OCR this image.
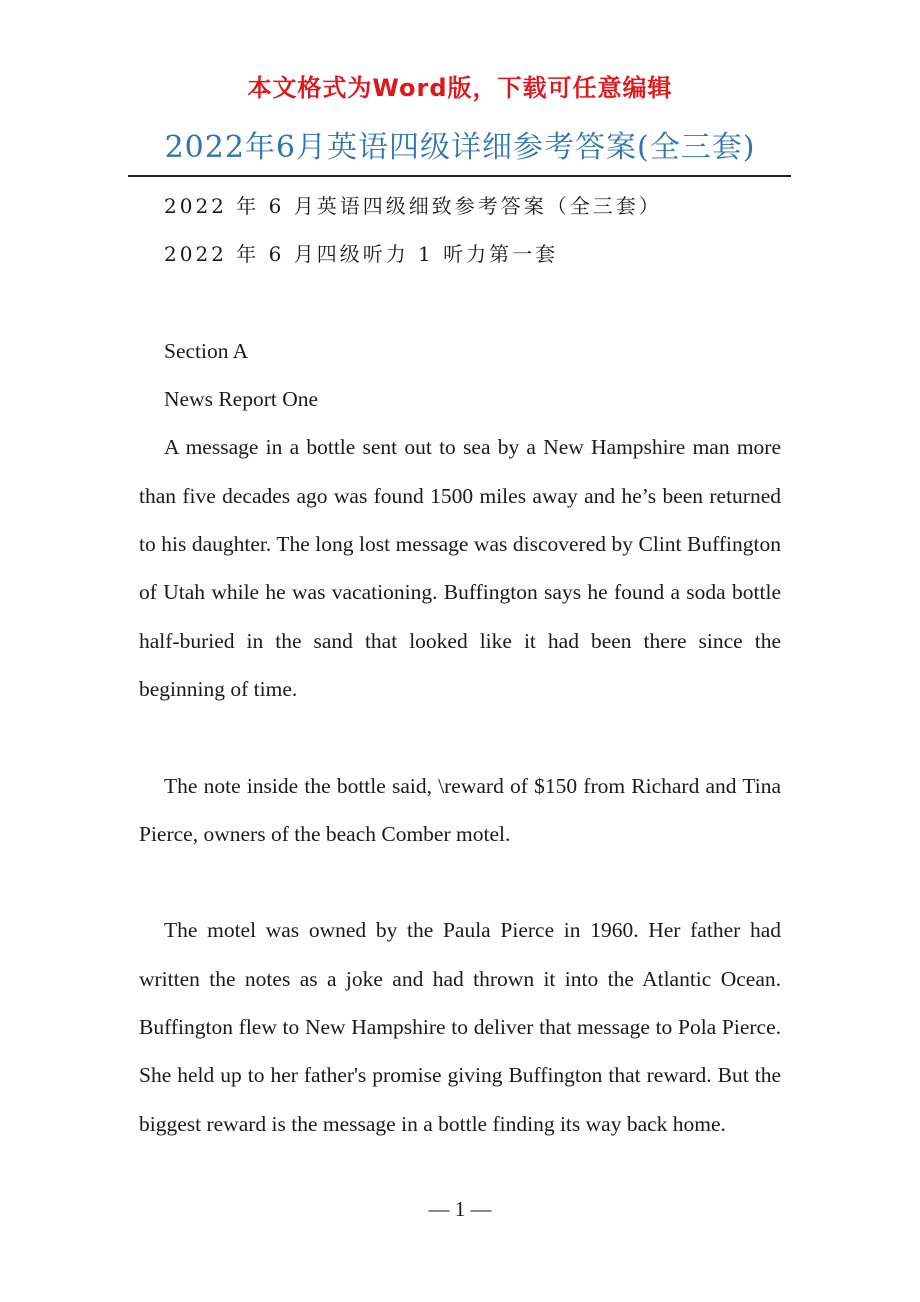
本文格式为Word版，下载可任意编辑
2022年6月英语四级详细参考答案(全三套)

2022 年 6 月英语四级细致参考答案（全三套）

2022 年 6 月四级听力 1 听力第一套

Section A

News Report One

A message in a bottle sent out to sea by a New Hampshire man more than five decades ago was found 1500 miles away and he’s been returned to his daughter. The long lost message was discovered by Clint Buffington of Utah while he was vacationing. Buffington says he found a soda bottle half-buried in the sand that looked like it had been there since the beginning of time.

The note inside the bottle said, \reward of $150 from Richard and Tina Pierce, owners of the beach Comber motel.

The motel was owned by the Paula Pierce in 1960. Her father had written the notes as a joke and had thrown it into the Atlantic Ocean. Buffington flew to New Hampshire to deliver that message to Pola Pierce. She held up to her father's promise giving Buffington that reward. But the biggest reward is the message in a bottle finding its way back home.

— 1 —
